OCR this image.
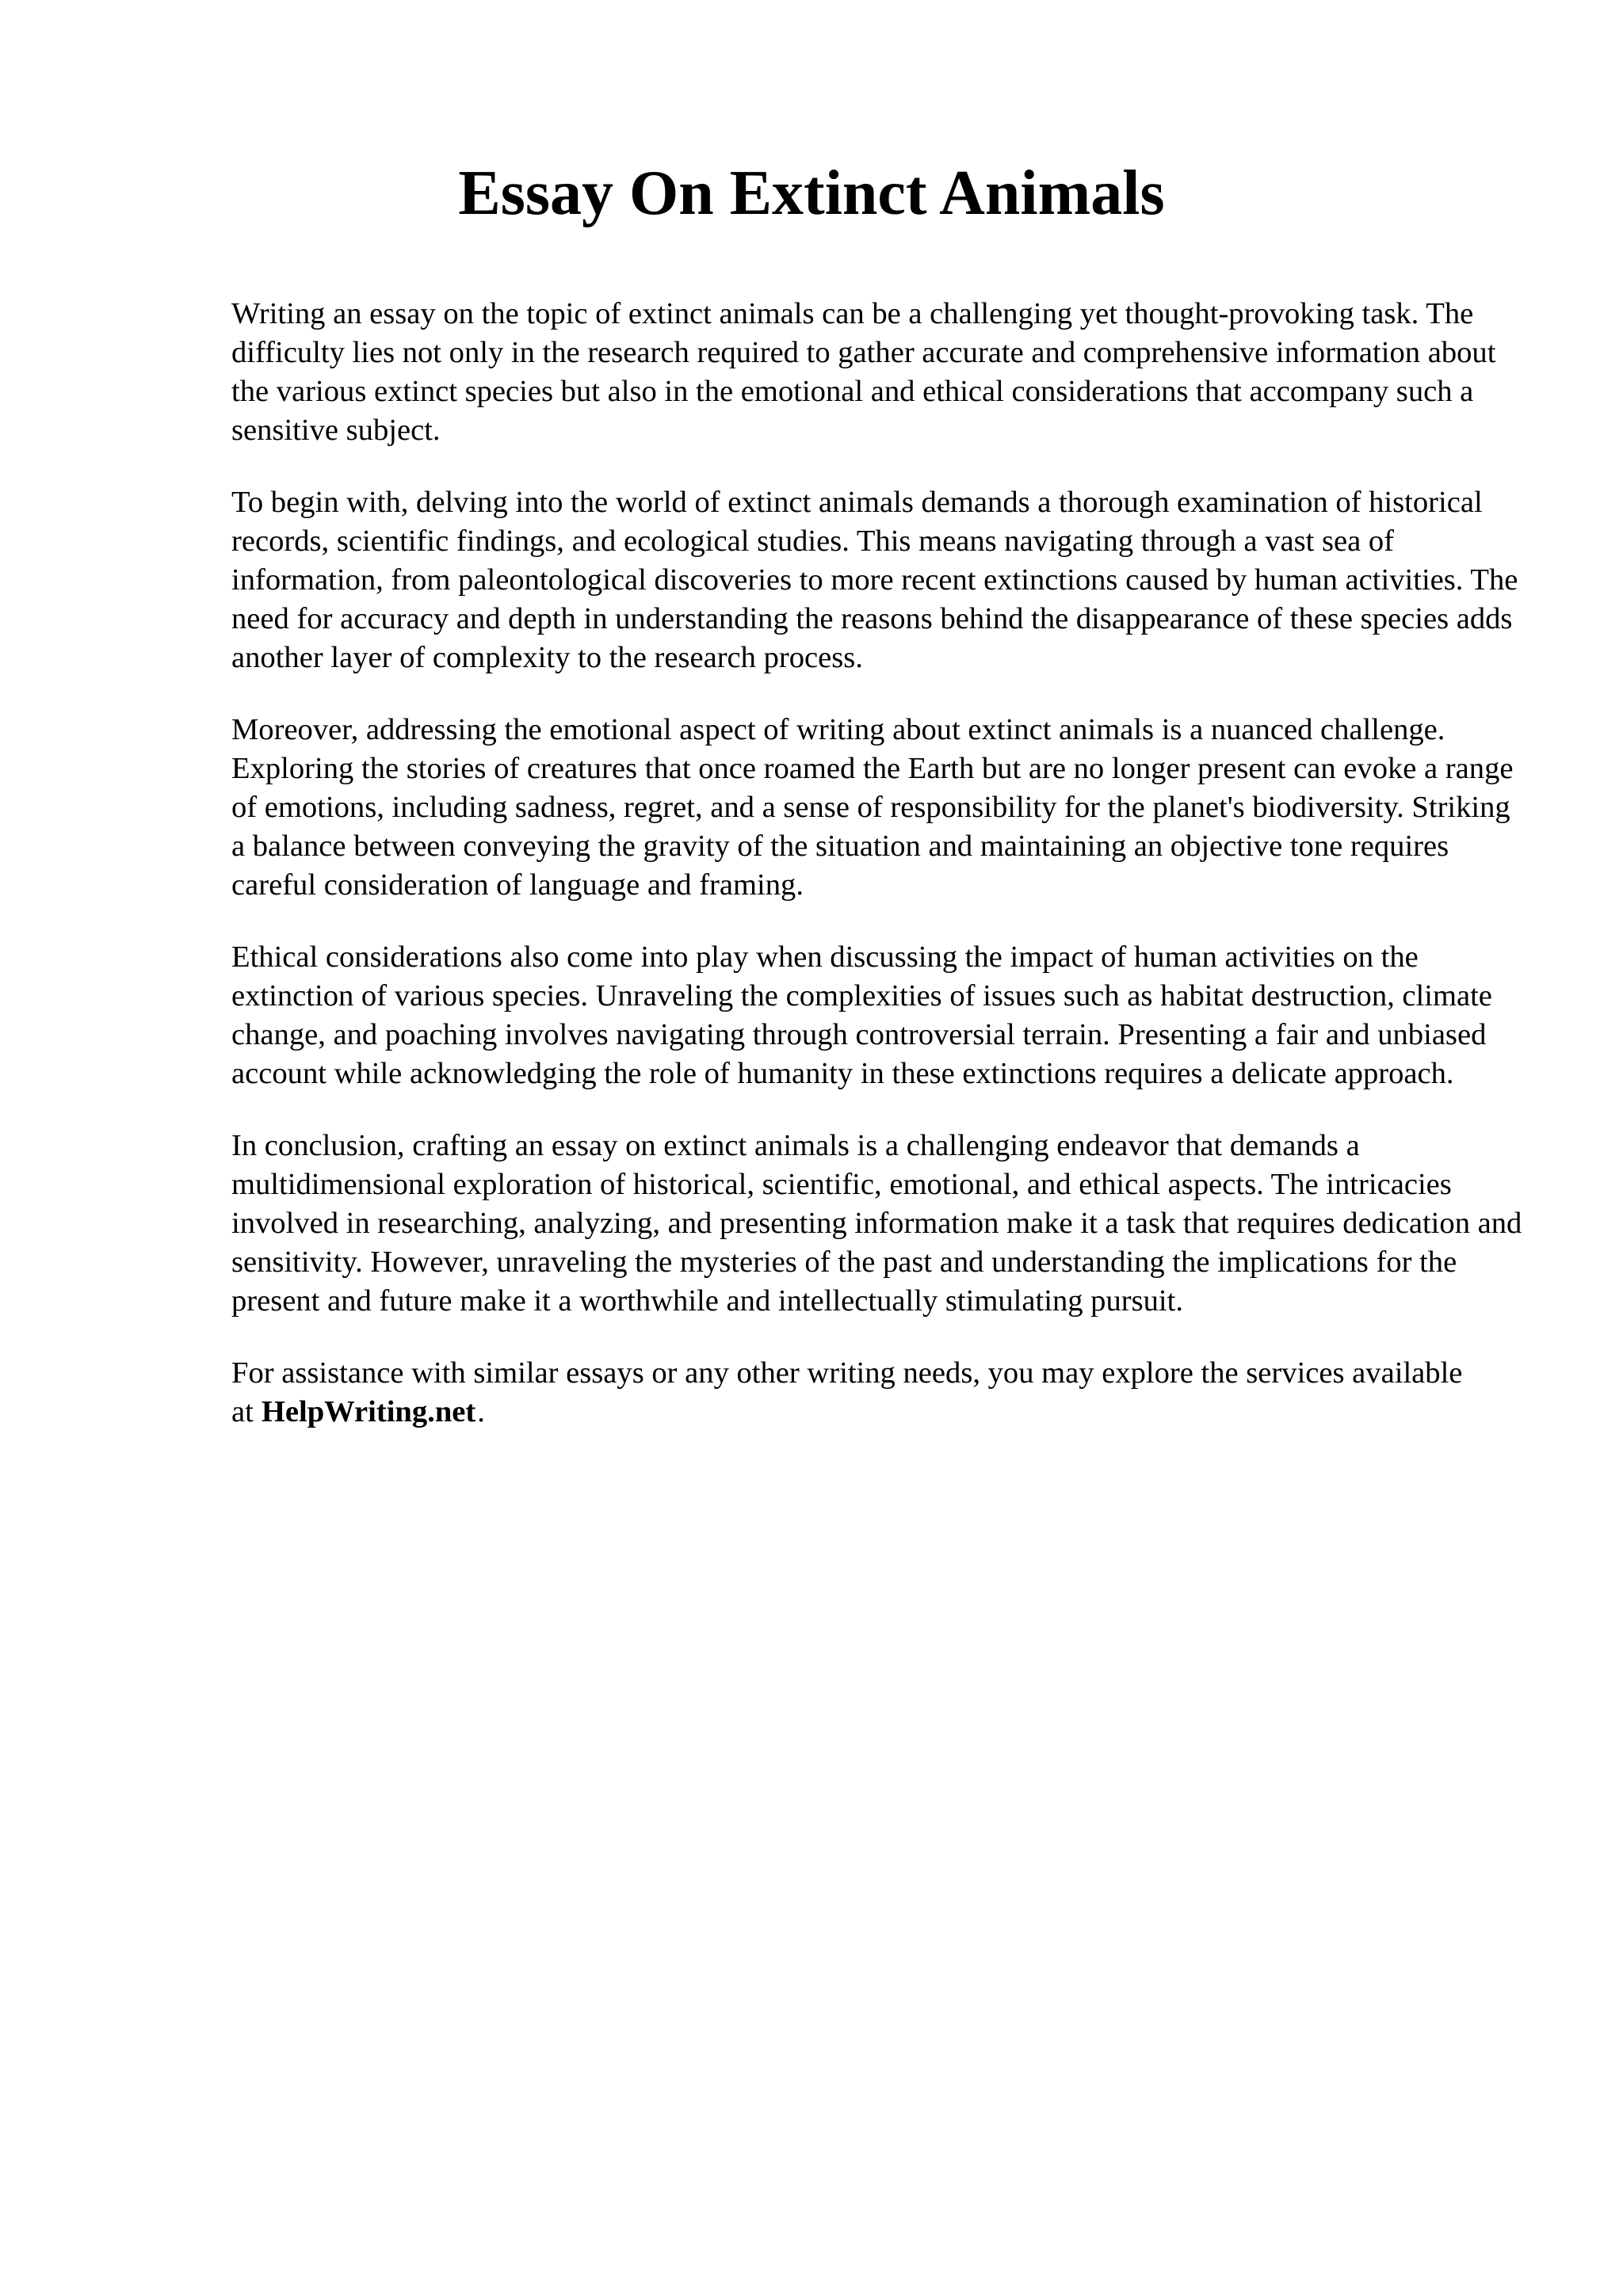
Essay On Extinct Animals

Writing an essay on the topic of extinct animals can be a challenging yet thought-provoking task. The difficulty lies not only in the research required to gather accurate and comprehensive information about the various extinct species but also in the emotional and ethical considerations that accompany such a sensitive subject.

To begin with, delving into the world of extinct animals demands a thorough examination of historical records, scientific findings, and ecological studies. This means navigating through a vast sea of information, from paleontological discoveries to more recent extinctions caused by human activities. The need for accuracy and depth in understanding the reasons behind the disappearance of these species adds another layer of complexity to the research process.

Moreover, addressing the emotional aspect of writing about extinct animals is a nuanced challenge. Exploring the stories of creatures that once roamed the Earth but are no longer present can evoke a range of emotions, including sadness, regret, and a sense of responsibility for the planet's biodiversity. Striking a balance between conveying the gravity of the situation and maintaining an objective tone requires careful consideration of language and framing.

Ethical considerations also come into play when discussing the impact of human activities on the extinction of various species. Unraveling the complexities of issues such as habitat destruction, climate change, and poaching involves navigating through controversial terrain. Presenting a fair and unbiased account while acknowledging the role of humanity in these extinctions requires a delicate approach.

In conclusion, crafting an essay on extinct animals is a challenging endeavor that demands a multidimensional exploration of historical, scientific, emotional, and ethical aspects. The intricacies involved in researching, analyzing, and presenting information make it a task that requires dedication and sensitivity. However, unraveling the mysteries of the past and understanding the implications for the present and future make it a worthwhile and intellectually stimulating pursuit.

For assistance with similar essays or any other writing needs, you may explore the services available at HelpWriting.net.
